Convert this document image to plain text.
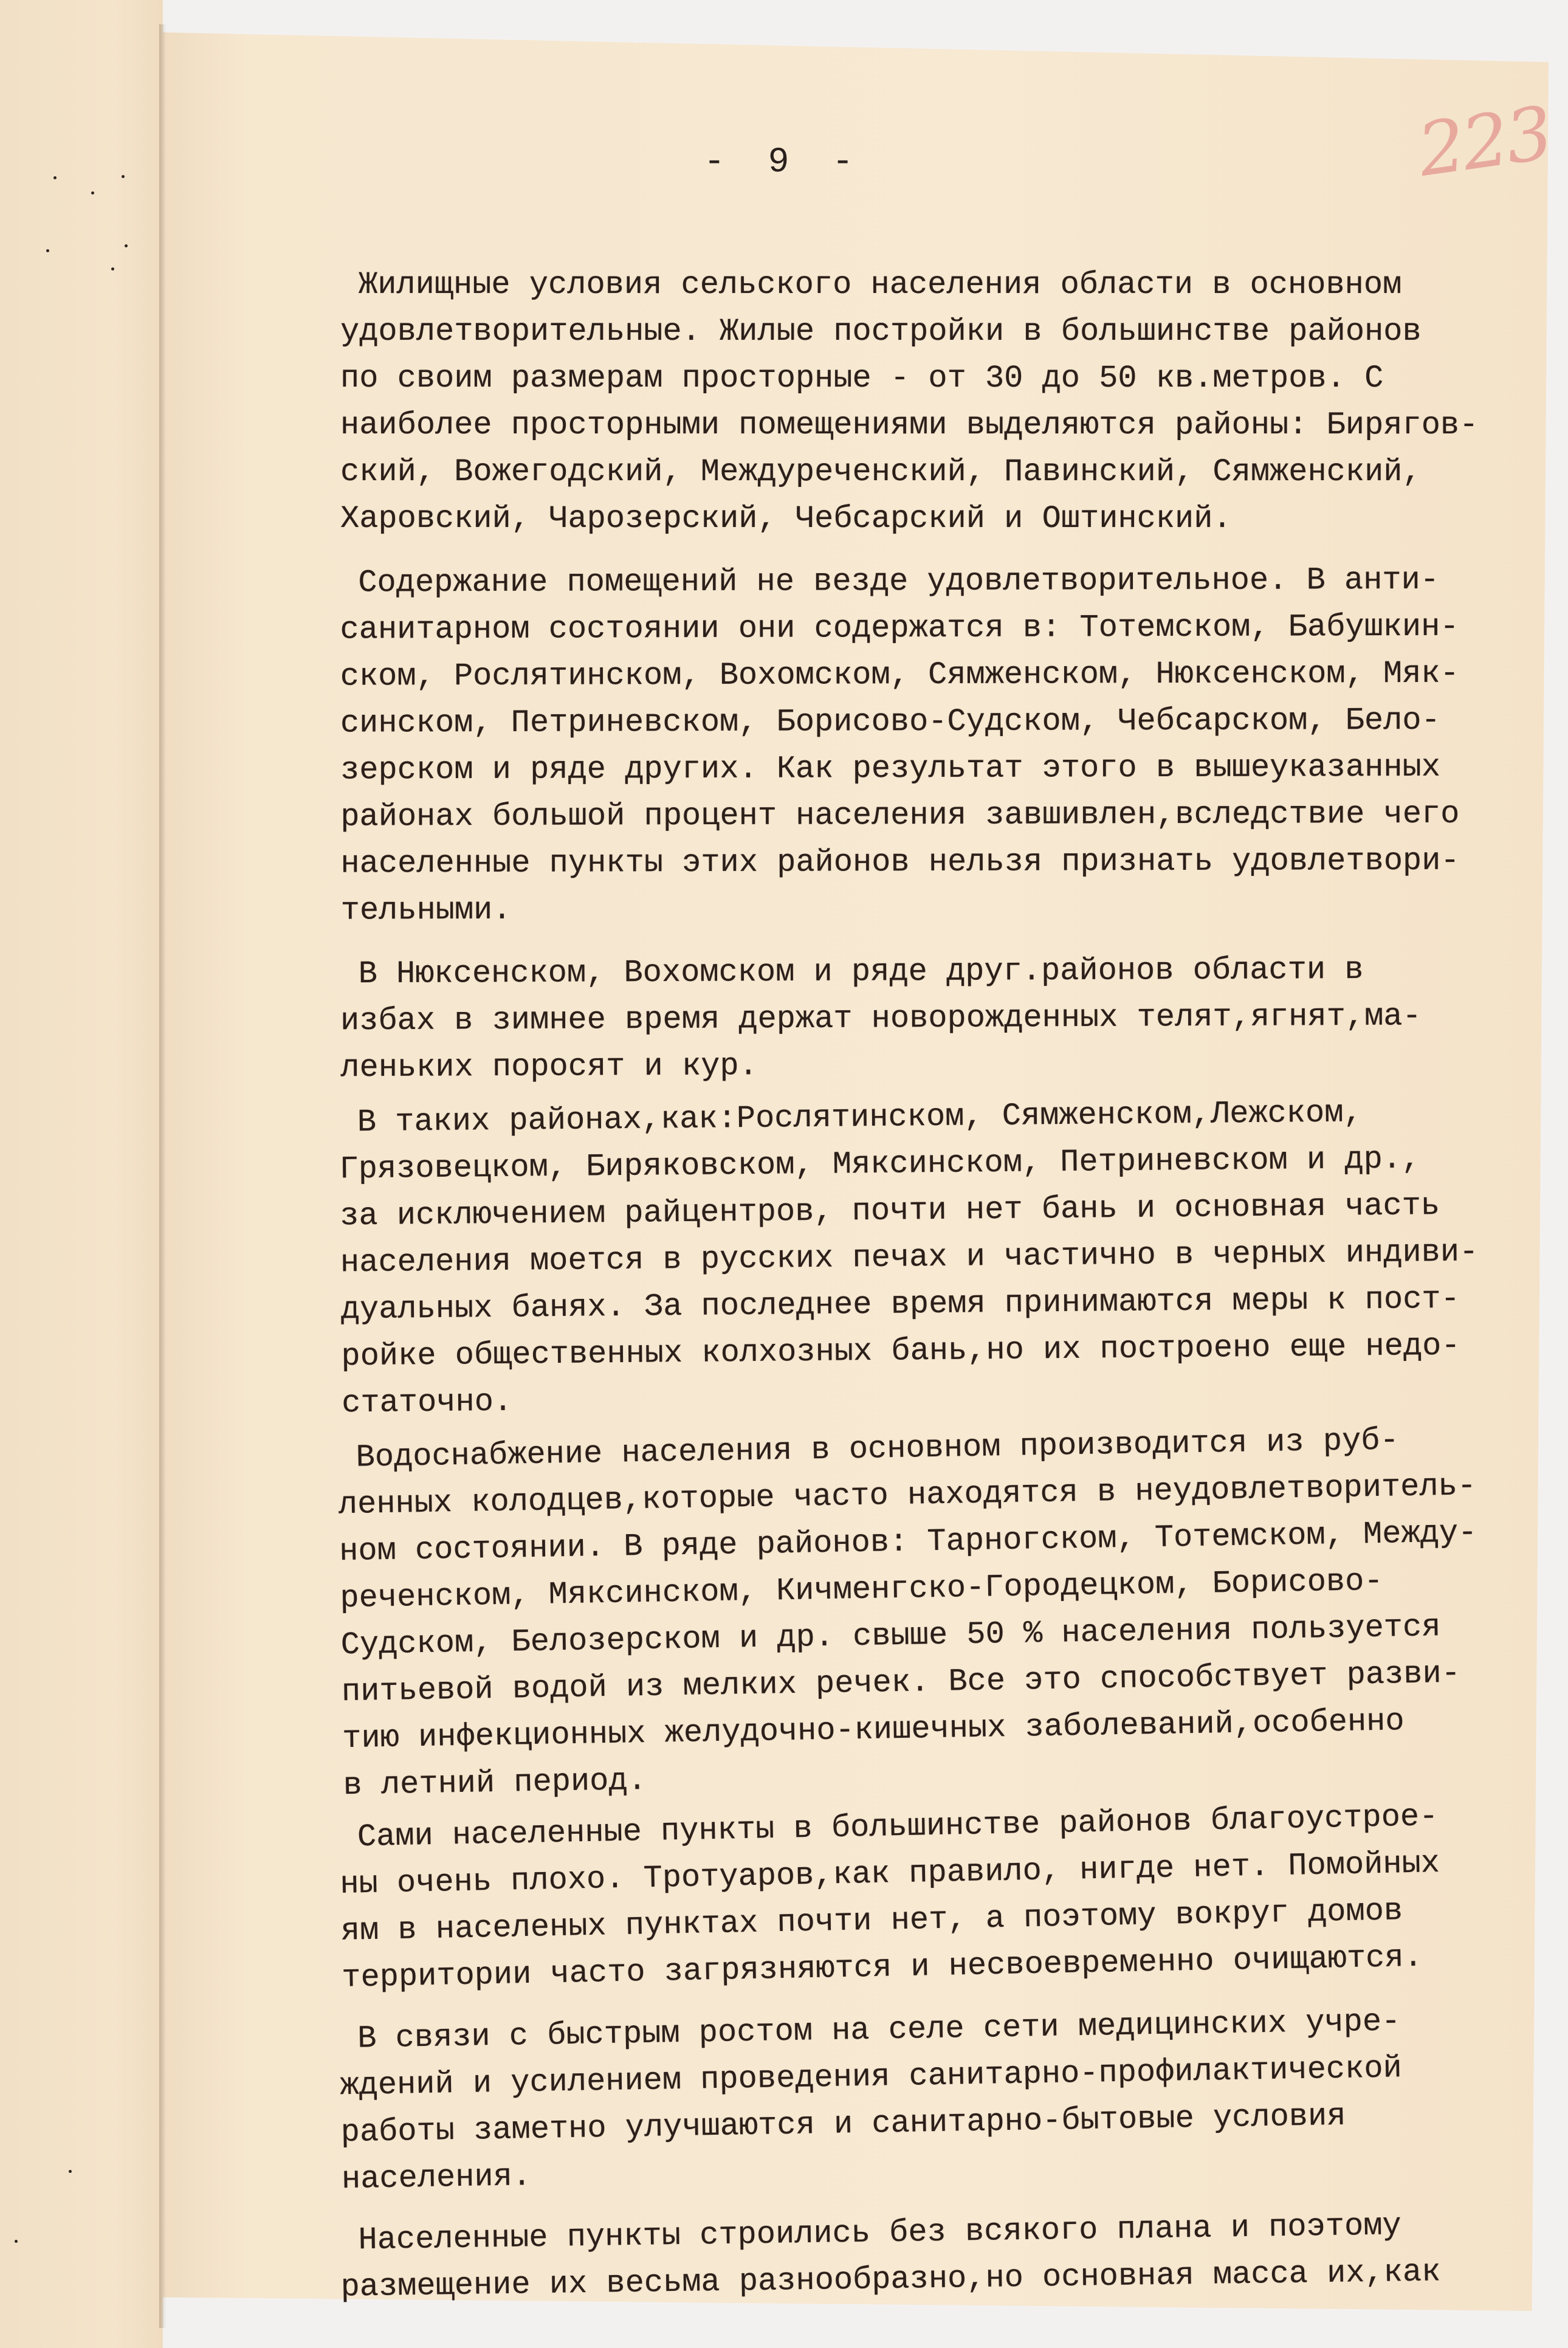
223
- 9 -
Жилищные условия сельского населения области в основном
удовлетворительные. Жилые постройки в большинстве районов
по своим размерам просторные - от 30 до 50 кв.метров. С
наиболее просторными помещениями выделяются районы: Бирягов-
ский, Вожегодский, Междуреченский, Павинский, Сямженский,
Харовский, Чарозерский, Чебсарский и Оштинский.
Содержание помещений не везде удовлетворительное. В анти-
санитарном состоянии они содержатся в: Тотемском, Бабушкин-
ском, Рослятинском, Вохомском, Сямженском, Нюксенском, Мяк-
синском, Петриневском, Борисово-Судском, Чебсарском, Бело-
зерском и ряде других. Как результат этого в вышеуказанных
районах большой процент населения завшивлен,вследствие чего
населенные пункты этих районов нельзя признать удовлетвори-
тельными.
В Нюксенском, Вохомском и ряде друг.районов области в
избах в зимнее время держат новорожденных телят,ягнят,ма-
леньких поросят и кур.
В таких районах,как:Рослятинском, Сямженском,Лежском,
Грязовецком, Биряковском, Мяксинском, Петриневском и др.,
за исключением райцентров, почти нет бань и основная часть
населения моется в русских печах и частично в черных индиви-
дуальных банях. За последнее время принимаются меры к пост-
ройке общественных колхозных бань,но их построено еще недо-
статочно.
Водоснабжение населения в основном производится из руб-
ленных колодцев,которые часто находятся в неудовлетворитель-
ном состоянии. В ряде районов: Тарногском, Тотемском, Между-
реченском, Мяксинском, Кичменгско-Городецком, Борисово-
Судском, Белозерском и др. свыше 50 % населения пользуется
питьевой водой из мелких речек. Все это способствует разви-
тию инфекционных желудочно-кишечных заболеваний,особенно
в летний период.
Сами населенные пункты в большинстве районов благоустрое-
ны очень плохо. Тротуаров,как правило, нигде нет. Помойных
ям в населеных пунктах почти нет, а поэтому вокруг домов
территории часто загрязняются и несвоевременно очищаются.
В связи с быстрым ростом на селе сети медицинских учре-
ждений и усилением проведения санитарно-профилактической
работы заметно улучшаются и санитарно-бытовые условия
населения.
Населенные пункты строились без всякого плана и поэтому
размещение их весьма разнообразно,но основная масса их,как
